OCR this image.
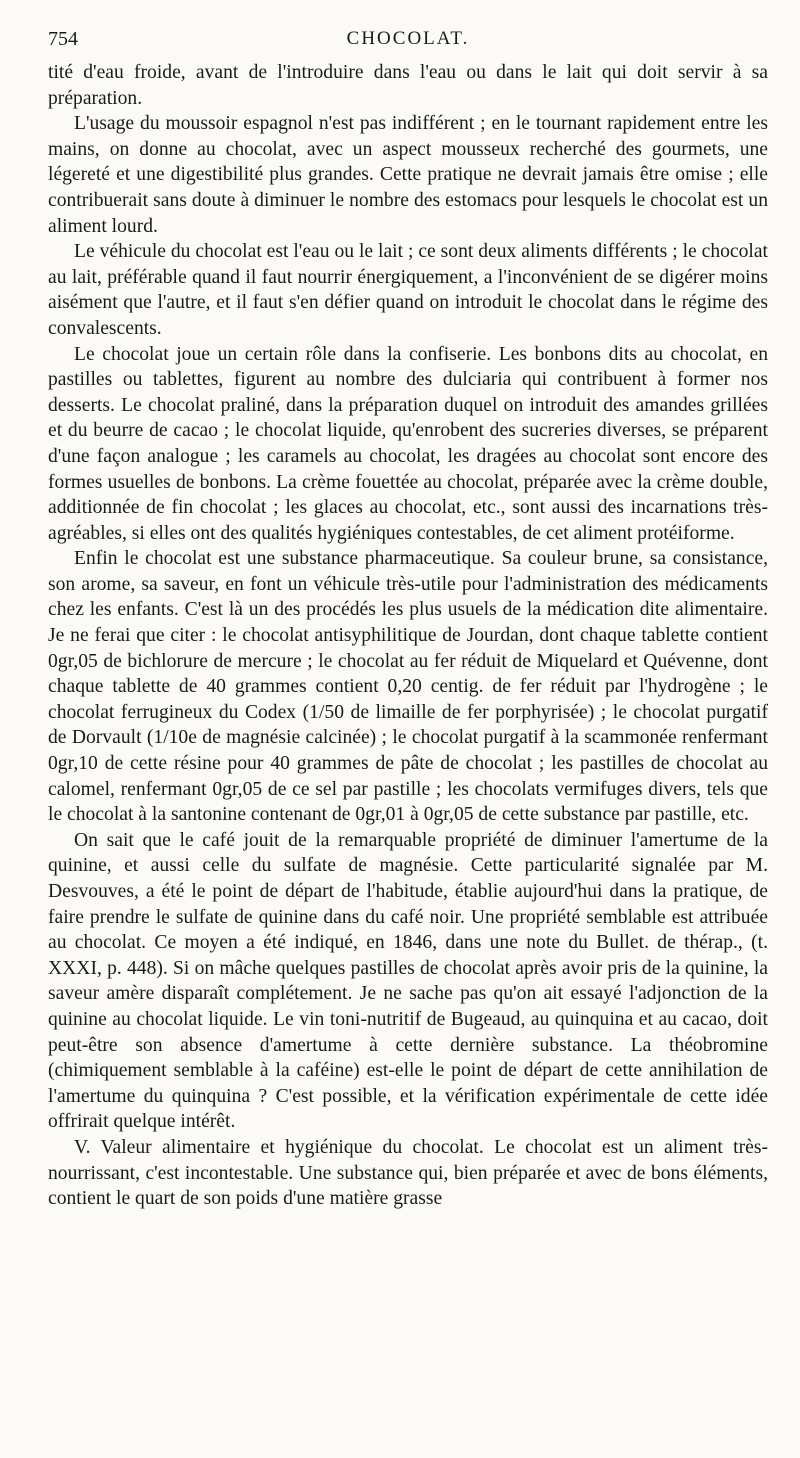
754	CHOCOLAT.

tité d'eau froide, avant de l'introduire dans l'eau ou dans le lait qui doit servir à sa préparation.

L'usage du moussoir espagnol n'est pas indifférent ; en le tournant rapidement entre les mains, on donne au chocolat, avec un aspect mousseux recherché des gourmets, une légereté et une digestibilité plus grandes. Cette pratique ne devrait jamais être omise ; elle contribuerait sans doute à diminuer le nombre des estomacs pour lesquels le chocolat est un aliment lourd.

Le véhicule du chocolat est l'eau ou le lait ; ce sont deux aliments différents ; le chocolat au lait, préférable quand il faut nourrir énergiquement, a l'inconvénient de se digérer moins aisément que l'autre, et il faut s'en défier quand on introduit le chocolat dans le régime des convalescents.

Le chocolat joue un certain rôle dans la confiserie. Les bonbons dits au chocolat, en pastilles ou tablettes, figurent au nombre des dulciaria qui contribuent à former nos desserts. Le chocolat praliné, dans la préparation duquel on introduit des amandes grillées et du beurre de cacao ; le chocolat liquide, qu'enrobent des sucreries diverses, se préparent d'une façon analogue ; les caramels au chocolat, les dragées au chocolat sont encore des formes usuelles de bonbons. La crème fouettée au chocolat, préparée avec la crème double, additionnée de fin chocolat ; les glaces au chocolat, etc., sont aussi des incarnations très-agréables, si elles ont des qualités hygiéniques contestables, de cet aliment protéiforme.

Enfin le chocolat est une substance pharmaceutique. Sa couleur brune, sa consistance, son arome, sa saveur, en font un véhicule très-utile pour l'administration des médicaments chez les enfants. C'est là un des procédés les plus usuels de la médication dite alimentaire. Je ne ferai que citer : le chocolat antisyphilitique de Jourdan, dont chaque tablette contient 0gr,05 de bichlorure de mercure ; le chocolat au fer réduit de Miquelard et Quévenne, dont chaque tablette de 40 grammes contient 0,20 centig. de fer réduit par l'hydrogène ; le chocolat ferrugineux du Codex (1/50 de limaille de fer porphyrisée) ; le chocolat purgatif de Dorvault (1/10e de magnésie calcinée) ; le chocolat purgatif à la scammonée renfermant 0gr,10 de cette résine pour 40 grammes de pâte de chocolat ; les pastilles de chocolat au calomel, renfermant 0gr,05 de ce sel par pastille ; les chocolats vermifuges divers, tels que le chocolat à la santonine contenant de 0gr,01 à 0gr,05 de cette substance par pastille, etc.

On sait que le café jouit de la remarquable propriété de diminuer l'amertume de la quinine, et aussi celle du sulfate de magnésie. Cette particularité signalée par M. Desvouves, a été le point de départ de l'habitude, établie aujourd'hui dans la pratique, de faire prendre le sulfate de quinine dans du café noir. Une propriété semblable est attribuée au chocolat. Ce moyen a été indiqué, en 1846, dans une note du Bullet. de thérap., (t. XXXI, p. 448). Si on mâche quelques pastilles de chocolat après avoir pris de la quinine, la saveur amère disparaît complétement. Je ne sache pas qu'on ait essayé l'adjonction de la quinine au chocolat liquide. Le vin toni-nutritif de Bugeaud, au quinquina et au cacao, doit peut-être son absence d'amertume à cette dernière substance. La théobromine (chimiquement semblable à la caféine) est-elle le point de départ de cette annihilation de l'amertume du quinquina ? C'est possible, et la vérification expérimentale de cette idée offrirait quelque intérêt.

V. Valeur alimentaire et hygiénique du chocolat. Le chocolat est un aliment très-nourrissant, c'est incontestable. Une substance qui, bien préparée et avec de bons éléments, contient le quart de son poids d'une matière grasse
